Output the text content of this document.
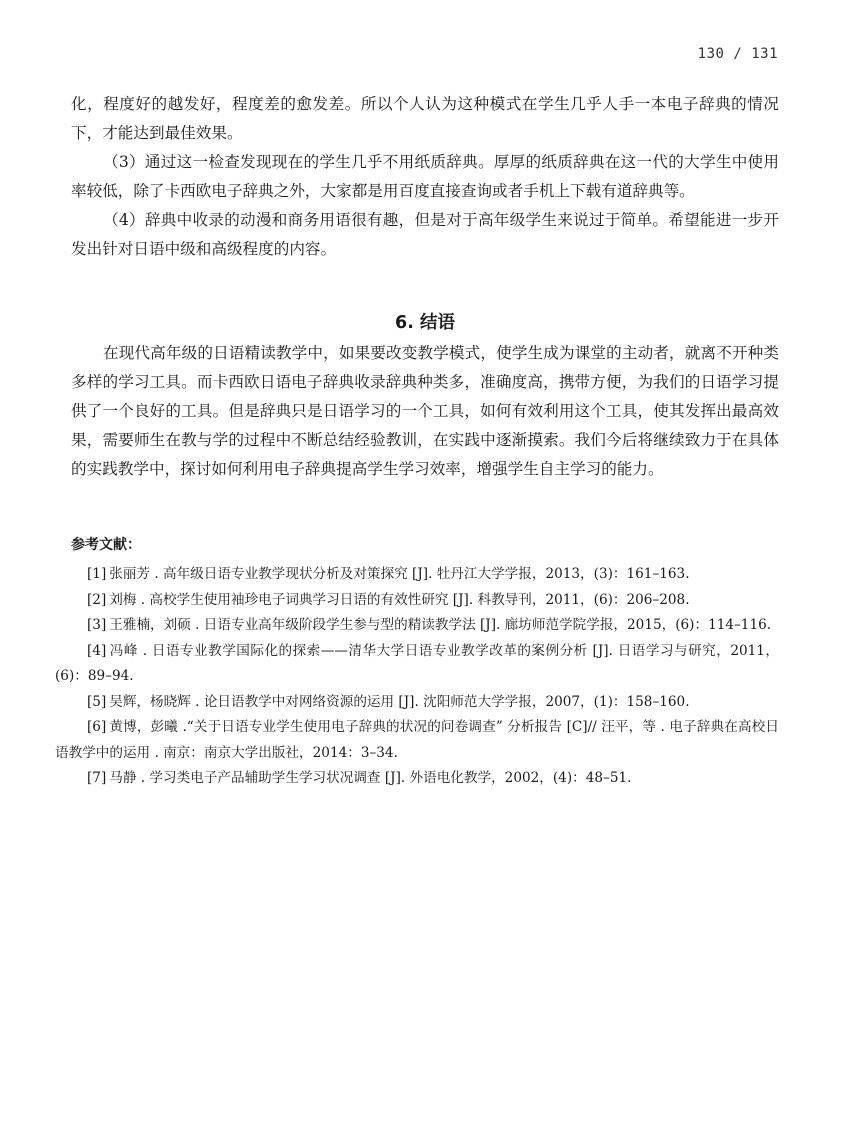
130 / 131

化，程度好的越发好，程度差的愈发差。所以个人认为这种模式在学生几乎人手一本电子辞典的情况下，才能达到最佳效果。

（3）通过这一检查发现现在的学生几乎不用纸质辞典。厚厚的纸质辞典在这一代的大学生中使用率较低，除了卡西欧电子辞典之外，大家都是用百度直接查询或者手机上下载有道辞典等。

（4）辞典中收录的动漫和商务用语很有趣，但是对于高年级学生来说过于简单。希望能进一步开发出针对日语中级和高级程度的内容。

6. 结语

在现代高年级的日语精读教学中，如果要改变教学模式，使学生成为课堂的主动者，就离不开种类多样的学习工具。而卡西欧日语电子辞典收录辞典种类多，准确度高，携带方便，为我们的日语学习提供了一个良好的工具。但是辞典只是日语学习的一个工具，如何有效利用这个工具，使其发挥出最高效果，需要师生在教与学的过程中不断总结经验教训，在实践中逐渐摸索。我们今后将继续致力于在具体的实践教学中，探讨如何利用电子辞典提高学生学习效率，增强学生自主学习的能力。

参考文献：
[1] 张丽芳 . 高年级日语专业教学现状分析及对策探究 [J]. 牡丹江大学学报，2013，(3)：161–163.
[2] 刘梅 . 高校学生使用袖珍电子词典学习日语的有效性研究 [J]. 科教导刊，2011，(6)：206–208.
[3] 王雅楠，刘硕 . 日语专业高年级阶段学生参与型的精读教学法 [J]. 廊坊师范学院学报，2015，(6)：114–116.
[4] 冯峰 . 日语专业教学国际化的探索——清华大学日语专业教学改革的案例分析 [J]. 日语学习与研究，2011，(6)：89–94.
[5] 吴辉，杨晓辉 . 论日语教学中对网络资源的运用 [J]. 沈阳师范大学学报，2007，(1)：158–160.
[6] 黄博，彭曦 .“关于日语专业学生使用电子辞典的状况的问卷调查” 分析报告 [C]// 汪平，等 . 电子辞典在高校日语教学中的运用 . 南京：南京大学出版社，2014：3–34.
[7] 马静 . 学习类电子产品辅助学生学习状况调查 [J]. 外语电化教学，2002，(4)：48–51.
